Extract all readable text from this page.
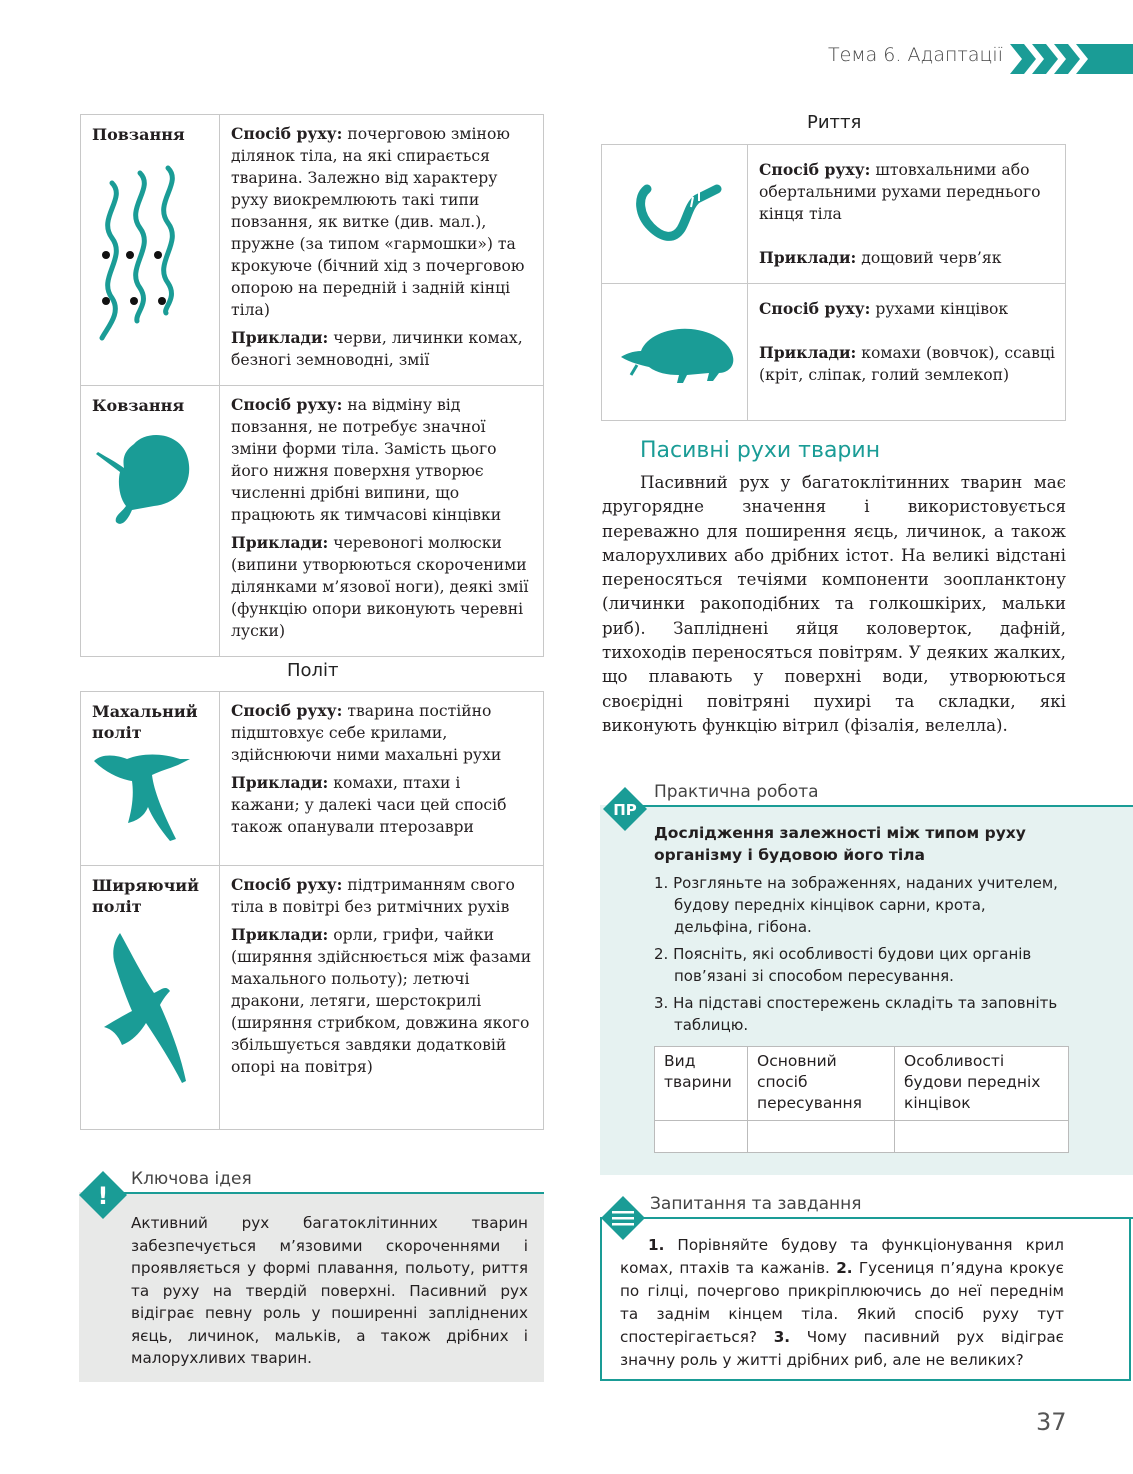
Тема 6. Адаптації
Повзання	Спосіб руху: почерговою зміною ділянок тіла, на які спирається тварина. Залежно від характеру руху виокремлюють такі типи повзання, як витке (див. мал.), пружне (за типом «гармошки») та крокуюче (бічний хід з почерговою опорою на передній і задній кінці тіла)

Приклади: черви, личинки комах, безногі земноводні, змії

Ковзання	Спосіб руху: на відміну від повзання, не потребує значної зміни форми тіла. Замість цього його нижня поверхня утворює численні дрібні випини, що працюють як тимчасові кінцівки

Приклади: черевоногі молюски (випини утворюються скороченими ділянками м’язової ноги), деякі змії (функцію опори виконують черевні луски)

Політ
Махальний політ	Спосіб руху: тварина постійно підштовхує себе крилами, здійснюючи ними махальні рухи

Приклади: комахи, птахи і кажани; у далекі часи цей спосіб також опанували птерозаври

Ширяючий політ	Спосіб руху: підтриманням свого тіла в повітрі без ритмічних рухів

Приклади: орли, грифи, чайки (ширяння здійснюється між фазами махального польоту); летючі дракони, летяги, шерстокрилі (ширяння стрибком, довжина якого збільшується завдяки додатковій опорі на повітря)

!
Ключова ідея
Активний рух багатоклітинних тварин забезпечується м’язовими скороченнями і проявляється у формі плавання, польоту, риття та руху на твердій поверхні. Пасивний рух відіграє певну роль у поширенні запліднених яєць, личинок, мальків, а також дрібних і малорухливих тварин.
Риття

Спосіб руху: штовхальними або обертальними рухами переднього кінця тіла

Приклади: дощовий черв’як

Спосіб руху: рухами кінцівок

Приклади: комахи (вовчок), ссавці (кріт, сліпак, голий землекоп)

Пасивні рухи тварин

Пасивний рух у багатоклітинних тварин має другорядне значення і використовується переважно для поширення яєць, личинок, а також малорухливих або дрібних істот. На великі відстані переносяться течіями компоненти зоопланктону (личинки ракоподібних та голкошкірих, мальки риб). Запліднені яйця коловерток, дафній, тихоходів переносяться повітрям. У деяких жалких, що плавають у поверхні води, утворюються своєрідні повітряні пухирі та складки, які виконують функцію вітрил (фізалія, велелла).

ПР
Практична робота
Дослідження залежності між типом руху організму і будовою його тіла
1. Розгляньте на зображеннях, наданих учителем, будову передніх кінцівок сарни, крота, дельфіна, гібона.
2. Поясніть, які особливості будови цих органів пов’язані зі способом пересування.
3. На підставі спостережень складіть та заповніть таблицю.
Вид тварини	Основний спосіб пересування	Особливості будови передніх кінцівок

Запитання та завдання
1. Порівняйте будову та функціонування крил комах, птахів та кажанів. 2. Гусениця п’ядуна крокує по гілці, почергово прикріплюючись до неї переднім та заднім кінцем тіла. Який спосіб руху тут спостерігається? 3. Чому пасивний рух відіграє значну роль у житті дрібних риб, але не великих?
37
